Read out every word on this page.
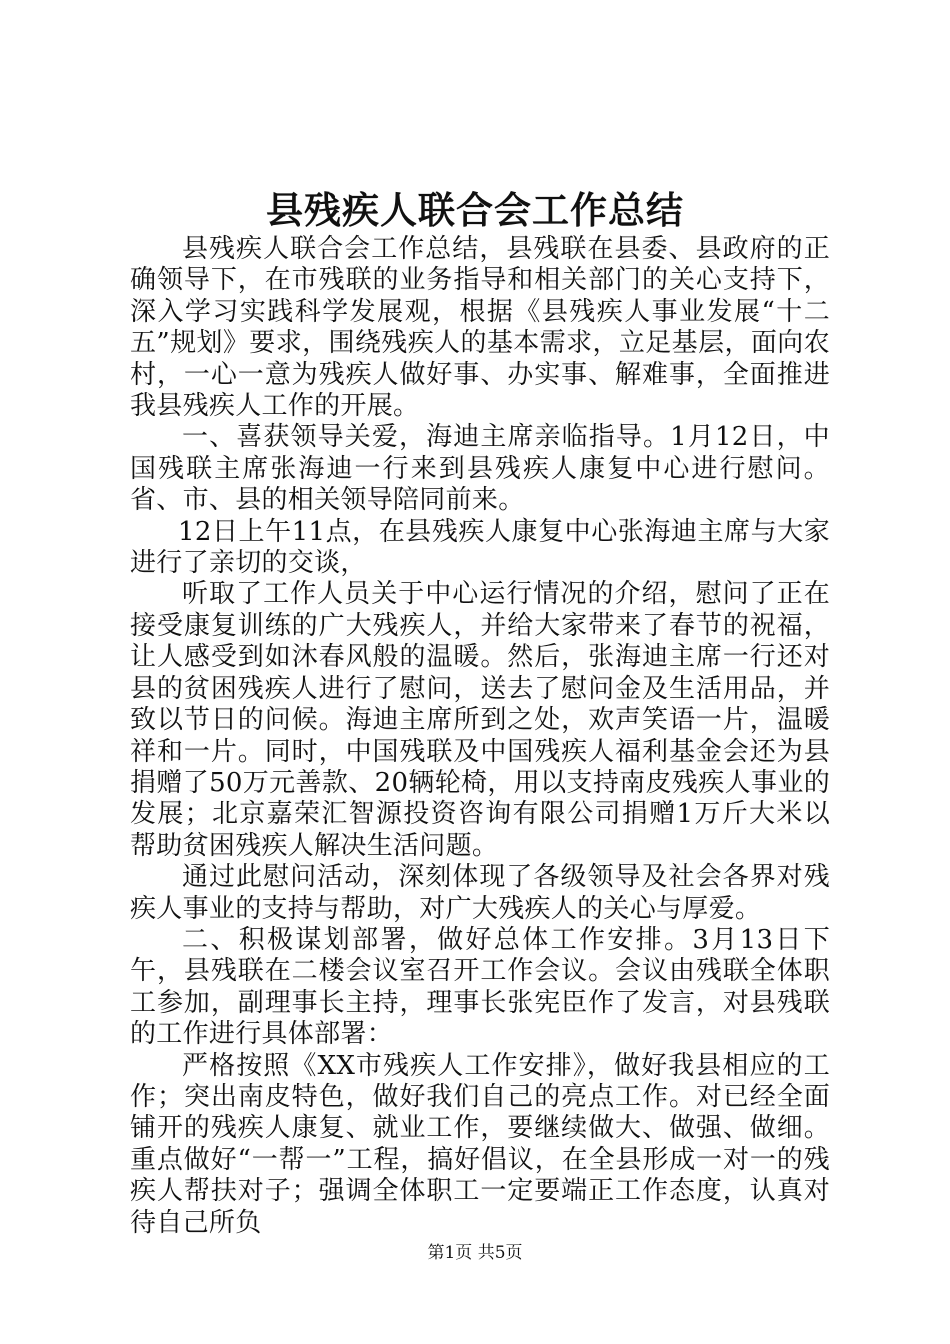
县残疾人联合会工作总结

县残疾人联合会工作总结，县残联在县委、县政府的正确领导下，在市残联的业务指导和相关部门的关心支持下，深入学习实践科学发展观，根据《县残疾人事业发展“十二五”规划》要求，围绕残疾人的基本需求，立足基层，面向农村，一心一意为残疾人做好事、办实事、解难事，全面推进我县残疾人工作的开展。

一、喜获领导关爱，海迪主席亲临指导。1月12日，中国残联主席张海迪一行来到县残疾人康复中心进行慰问。省、市、县的相关领导陪同前来。

12日上午11点，在县残疾人康复中心张海迪主席与大家进行了亲切的交谈，

听取了工作人员关于中心运行情况的介绍，慰问了正在接受康复训练的广大残疾人，并给大家带来了春节的祝福，让人感受到如沐春风般的温暖。然后，张海迪主席一行还对县的贫困残疾人进行了慰问，送去了慰问金及生活用品，并致以节日的问候。海迪主席所到之处，欢声笑语一片，温暖祥和一片。同时，中国残联及中国残疾人福利基金会还为县捐赠了50万元善款、20辆轮椅，用以支持南皮残疾人事业的发展；北京嘉荣汇智源投资咨询有限公司捐赠1万斤大米以帮助贫困残疾人解决生活问题。

通过此慰问活动，深刻体现了各级领导及社会各界对残疾人事业的支持与帮助，对广大残疾人的关心与厚爱。

二、积极谋划部署，做好总体工作安排。3月13日下午，县残联在二楼会议室召开工作会议。会议由残联全体职工参加，副理事长主持，理事长张宪臣作了发言，对县残联的工作进行具体部署：

严格按照《XX市残疾人工作安排》，做好我县相应的工作；突出南皮特色，做好我们自己的亮点工作。对已经全面铺开的残疾人康复、就业工作，要继续做大、做强、做细。重点做好“一帮一”工程，搞好倡议，在全县形成一对一的残疾人帮扶对子；强调全体职工一定要端正工作态度，认真对待自己所负

第1页 共5页
